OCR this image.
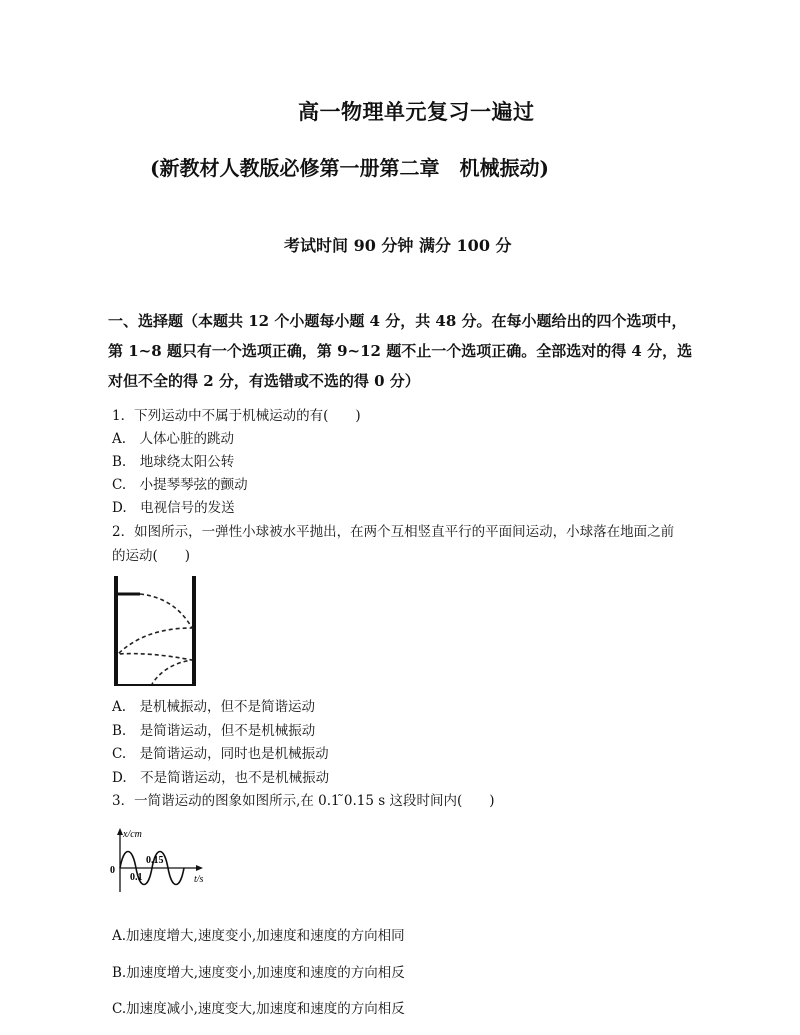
高一物理单元复习一遍过
(新教材人教版必修第一册第二章　机械振动)
考试时间 90 分钟 满分 100 分
一、选择题（本题共 12 个小题每小题 4 分，共 48 分。在每小题给出的四个选项中，
第 1~8 题只有一个选项正确，第 9~12 题不止一个选项正确。全部选对的得 4 分，选
对但不全的得 2 分，有选错或不选的得 0 分）
1．下列运动中不属于机械运动的有(　　)
A.　人体心脏的跳动
B.　地球绕太阳公转
C.　小提琴琴弦的颤动
D.　电视信号的发送
2．如图所示，一弹性小球被水平抛出，在两个互相竖直平行的平面间运动，小球落在地面之前
的运动(　　)
A.　是机械振动，但不是简谐运动
B.　是简谐运动，但不是机械振动
C.　是简谐运动，同时也是机械振动
D.　不是简谐运动，也不是机械振动
3．一简谐运动的图象如图所示,在 0.1 ̃0.15 s 这段时间内(　　)
x/cm
t/s
0
0.1
0.15
A.加速度增大,速度变小,加速度和速度的方向相同
B.加速度增大,速度变小,加速度和速度的方向相反
C.加速度减小,速度变大,加速度和速度的方向相反
